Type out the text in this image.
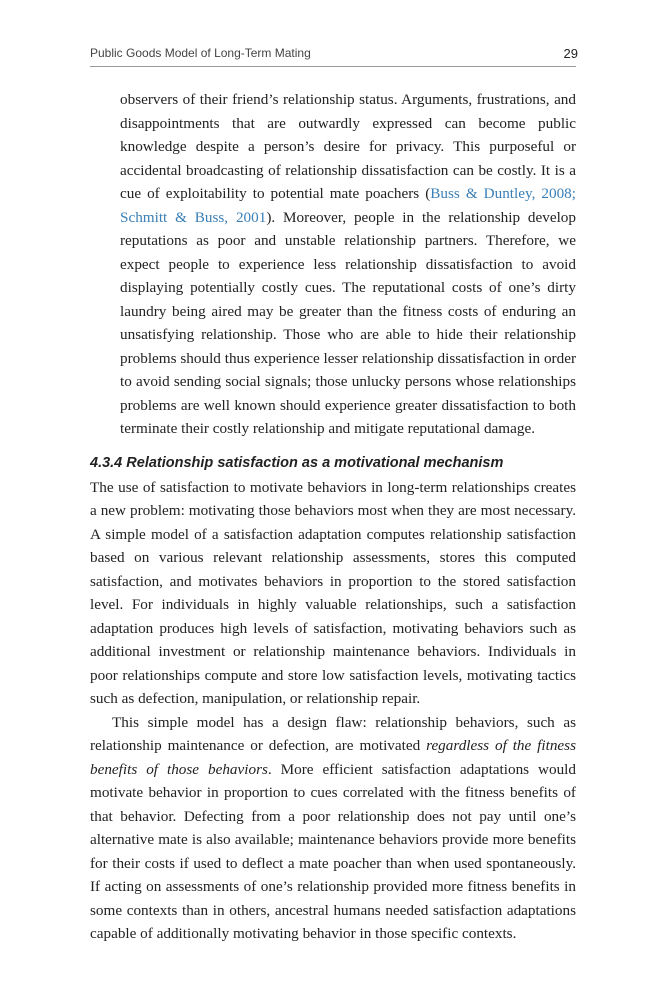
Public Goods Model of Long-Term Mating	29

observers of their friend’s relationship status. Arguments, frustrations, and disappointments that are outwardly expressed can become public knowledge despite a person’s desire for privacy. This purposeful or accidental broadcasting of relationship dissatisfaction can be costly. It is a cue of exploitability to potential mate poachers (Buss & Duntley, 2008; Schmitt & Buss, 2001). Moreover, people in the relationship develop reputations as poor and unstable relationship partners. Therefore, we expect people to experience less relationship dissatisfaction to avoid displaying potentially costly cues. The reputational costs of one’s dirty laundry being aired may be greater than the fitness costs of enduring an unsatisfying relationship. Those who are able to hide their relationship problems should thus experience lesser relationship dissatisfaction in order to avoid sending social signals; those unlucky persons whose relationships problems are well known should experience greater dissatisfaction to both terminate their costly relationship and mitigate reputational damage.

4.3.4 Relationship satisfaction as a motivational mechanism

The use of satisfaction to motivate behaviors in long-term relationships creates a new problem: motivating those behaviors most when they are most necessary. A simple model of a satisfaction adaptation computes relationship satisfaction based on various relevant relationship assessments, stores this computed satisfaction, and motivates behaviors in proportion to the stored satisfaction level. For individuals in highly valuable relationships, such a satisfaction adaptation produces high levels of satisfaction, motivating behaviors such as additional investment or relationship maintenance behaviors. Individuals in poor relationships compute and store low satisfaction levels, motivating tactics such as defection, manipulation, or relationship repair.

This simple model has a design flaw: relationship behaviors, such as relationship maintenance or defection, are motivated regardless of the fitness benefits of those behaviors. More efficient satisfaction adaptations would motivate behavior in proportion to cues correlated with the fitness benefits of that behavior. Defecting from a poor relationship does not pay until one’s alternative mate is also available; maintenance behaviors provide more benefits for their costs if used to deflect a mate poacher than when used spontaneously. If acting on assessments of one’s relationship provided more fitness benefits in some contexts than in others, ancestral humans needed satisfaction adaptations capable of additionally motivating behavior in those specific contexts.
